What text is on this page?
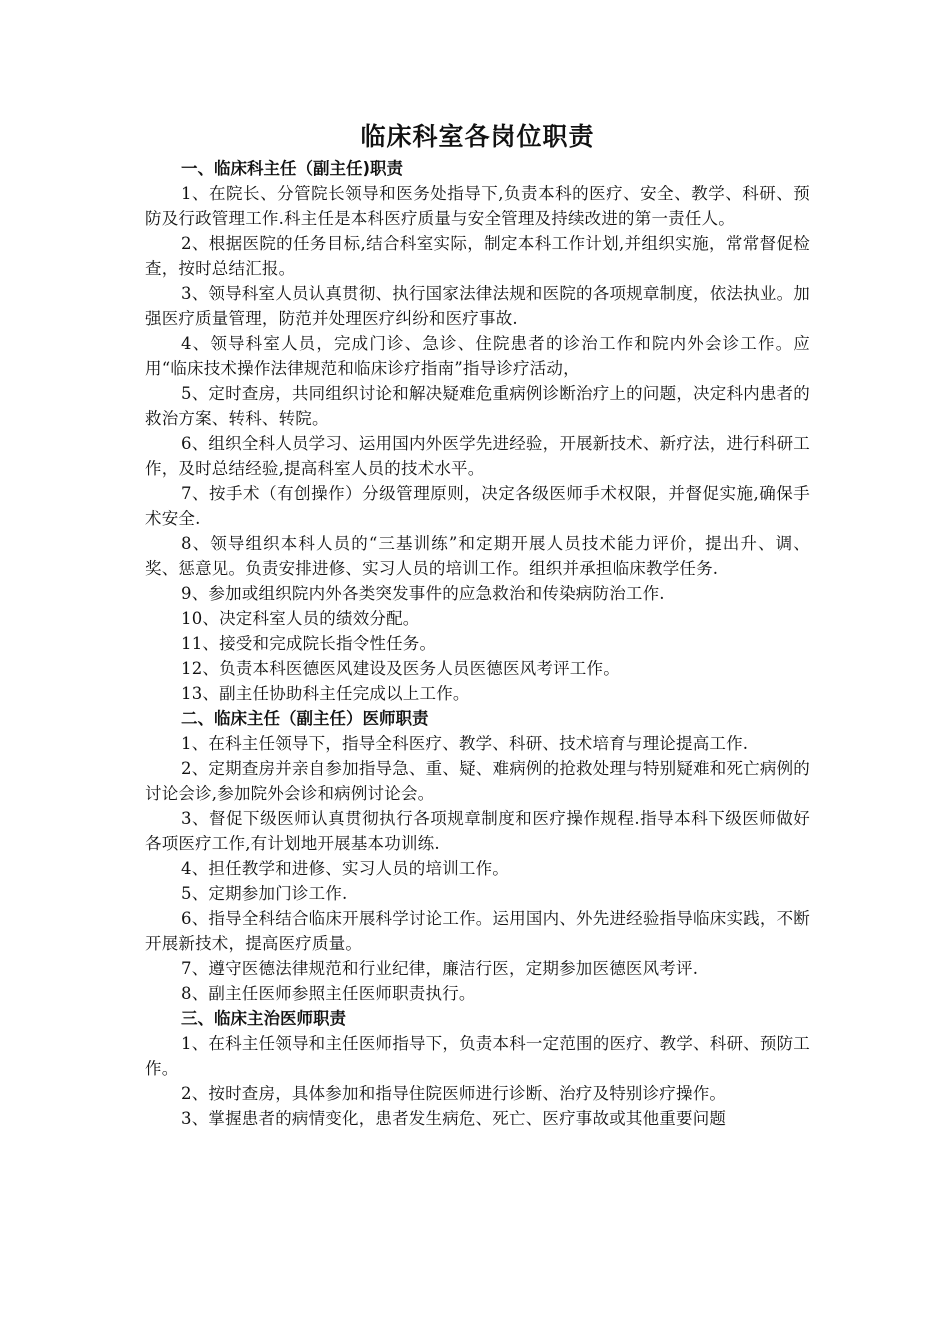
临床科室各岗位职责
一、临床科主任（副主任)职责

1、在院长、分管院长领导和医务处指导下,负责本科的医疗、安全、教学、科研、预防及行政管理工作.科主任是本科医疗质量与安全管理及持续改进的第一责任人。

2、根据医院的任务目标,结合科室实际，制定本科工作计划,并组织实施，常常督促检查，按时总结汇报。

3、领导科室人员认真贯彻、执行国家法律法规和医院的各项规章制度，依法执业。加强医疗质量管理，防范并处理医疗纠纷和医疗事故.

4、领导科室人员，完成门诊、急诊、住院患者的诊治工作和院内外会诊工作。应用“临床技术操作法律规范和临床诊疗指南”指导诊疗活动，

5、定时查房，共同组织讨论和解决疑难危重病例诊断治疗上的问题，决定科内患者的救治方案、转科、转院。

6、组织全科人员学习、运用国内外医学先进经验，开展新技术、新疗法，进行科研工作，及时总结经验,提高科室人员的技术水平。

7、按手术（有创操作）分级管理原则，决定各级医师手术权限，并督促实施,确保手术安全.

8、领导组织本科人员的“三基训练”和定期开展人员技术能力评价，提出升、调、奖、惩意见。负责安排进修、实习人员的培训工作。组织并承担临床教学任务.

9、参加或组织院内外各类突发事件的应急救治和传染病防治工作.

10、决定科室人员的绩效分配。

11、接受和完成院长指令性任务。

12、负责本科医德医风建设及医务人员医德医风考评工作。

13、副主任协助科主任完成以上工作。

二、临床主任（副主任）医师职责

1、在科主任领导下，指导全科医疗、教学、科研、技术培育与理论提高工作.

2、定期查房并亲自参加指导急、重、疑、难病例的抢救处理与特别疑难和死亡病例的讨论会诊,参加院外会诊和病例讨论会。

3、督促下级医师认真贯彻执行各项规章制度和医疗操作规程.指导本科下级医师做好各项医疗工作,有计划地开展基本功训练.

4、担任教学和进修、实习人员的培训工作。

5、定期参加门诊工作.

6、指导全科结合临床开展科学讨论工作。运用国内、外先进经验指导临床实践，不断开展新技术，提高医疗质量。

7、遵守医德法律规范和行业纪律，廉洁行医，定期参加医德医风考评.

8、副主任医师参照主任医师职责执行。

三、临床主治医师职责

1、在科主任领导和主任医师指导下，负责本科一定范围的医疗、教学、科研、预防工作。

2、按时查房，具体参加和指导住院医师进行诊断、治疗及特别诊疗操作。

3、掌握患者的病情变化，患者发生病危、死亡、医疗事故或其他重要问题
